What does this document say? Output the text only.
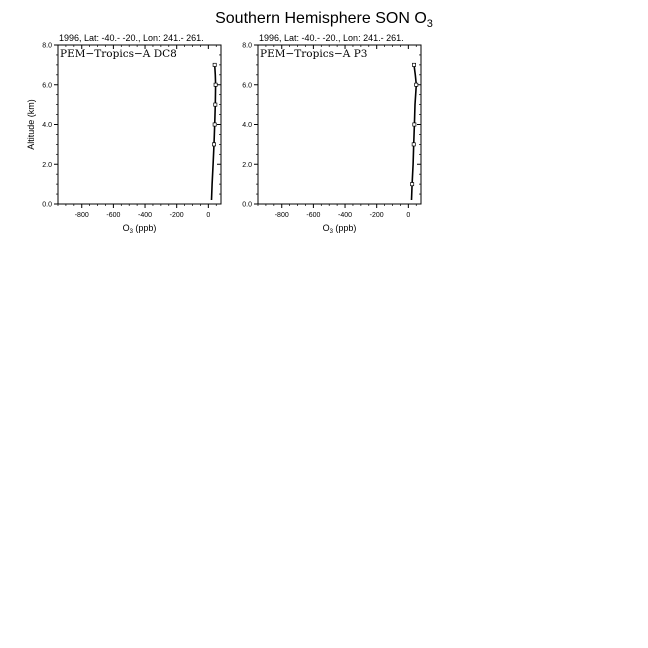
Southern Hemisphere SON $O_3$
1996, Lat: -40.- -20., Lon: 241.- 261.
PEM−Tropics−A DC8
-800	-600	-400	-200	0
0.0
2.0
4.0
6.0
8.0
$O_3$ (ppb)
Altitude (km)
1996, Lat: -40.- -20., Lon: 241.- 261.
PEM−Tropics−A P3
-800	-600	-400	-200	0
0.0
2.0
4.0
6.0
8.0
$O_3$ (ppb)
